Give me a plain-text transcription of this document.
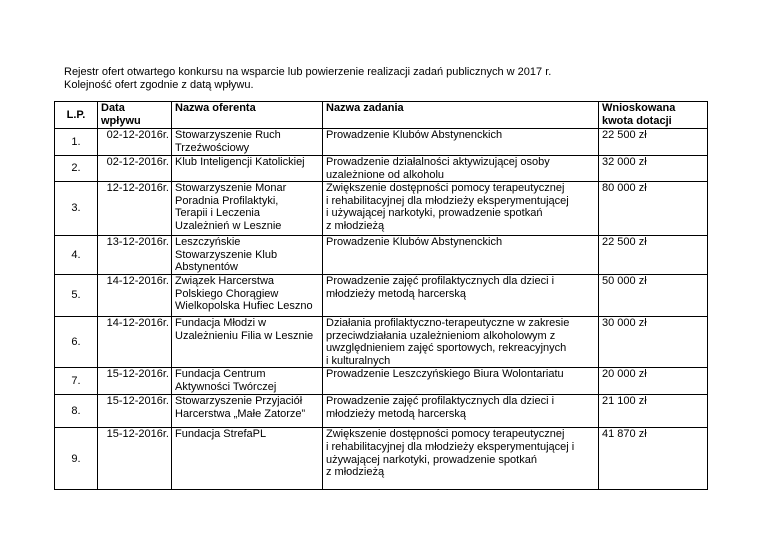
Rejestr ofert otwartego konkursu na wsparcie lub powierzenie realizacji zadań publicznych w 2017 r.
Kolejność ofert zgodnie z datą wpływu.
L.P.	Data
wpływu	Nazwa oferenta	Nazwa zadania	Wnioskowana
kwota dotacji
1.	02-12-2016r.	Stowarzyszenie Ruch
Trzeźwościowy	Prowadzenie Klubów Abstynenckich	22 500 zł
2.	02-12-2016r.	Klub Inteligencji Katolickiej	Prowadzenie działalności aktywizującej osoby
uzależnione od alkoholu	32 000 zł
3.	12-12-2016r.	Stowarzyszenie Monar
Poradnia Profilaktyki,
Terapii i Leczenia
Uzależnień w Lesznie	Zwiększenie dostępności pomocy terapeutycznej
i rehabilitacyjnej dla młodzieży eksperymentującej
i używającej narkotyki, prowadzenie spotkań
z młodzieżą	80 000 zł
4.	13-12-2016r.	Leszczyńskie
Stowarzyszenie Klub
Abstynentów	Prowadzenie Klubów Abstynenckich	22 500 zł
5.	14-12-2016r.	Związek Harcerstwa
Polskiego Chorągiew
Wielkopolska Hufiec Leszno	Prowadzenie zajęć profilaktycznych dla dzieci i
młodzieży metodą harcerską	50 000 zł
6.	14-12-2016r.	Fundacja Młodzi w
Uzależnieniu Filia w Lesznie	Działania profilaktyczno-terapeutyczne w zakresie
przeciwdziałania uzależnieniom alkoholowym z
uwzględnieniem zajęć sportowych, rekreacyjnych
i kulturalnych	30 000 zł
7.	15-12-2016r.	Fundacja Centrum
Aktywności Twórczej	Prowadzenie Leszczyńskiego Biura Wolontariatu	20 000 zł
8.	15-12-2016r.	Stowarzyszenie Przyjaciół
Harcerstwa „Małe Zatorze”	Prowadzenie zajęć profilaktycznych dla dzieci i
młodzieży metodą harcerską	21 100 zł
9.	15-12-2016r.	Fundacja StrefaPL	Zwiększenie dostępności pomocy terapeutycznej
i rehabilitacyjnej dla młodzieży eksperymentującej i
używającej narkotyki, prowadzenie spotkań
z młodzieżą	41 870 zł
